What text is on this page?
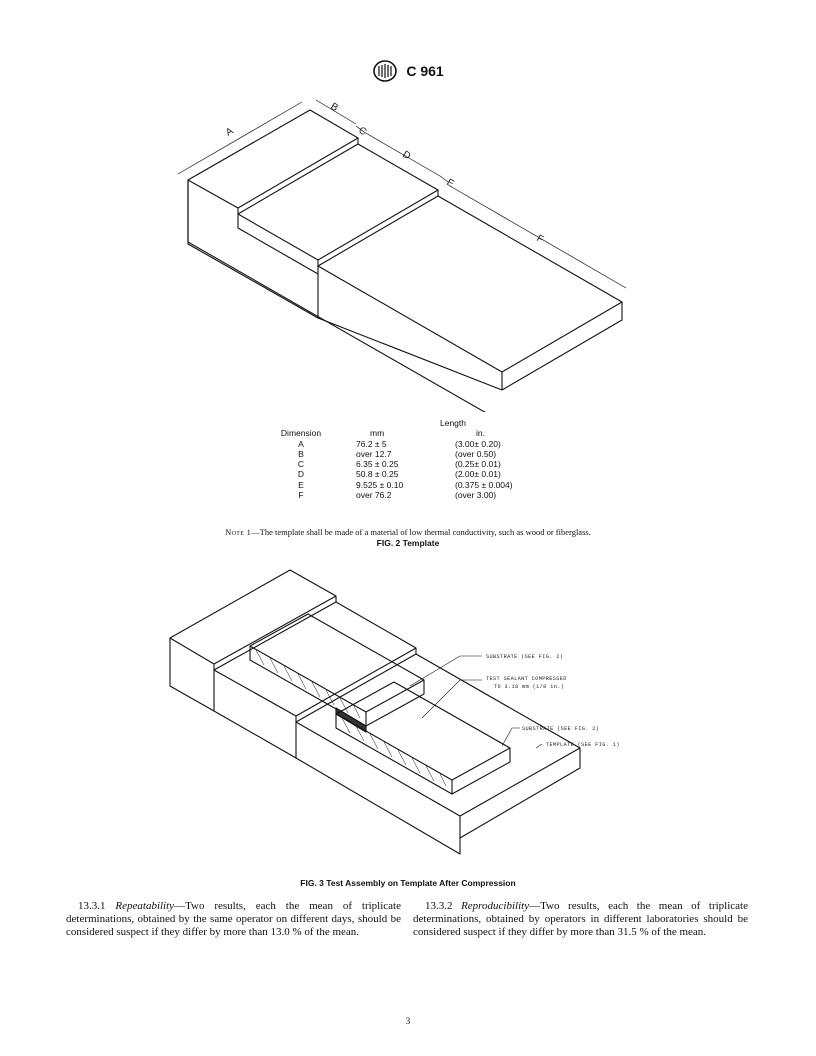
C 961
A
B
C
D
E
F
Length
Dimension	mm	in.
A	76.2 ± 5	(3.00± 0.20)
B	over 12.7	(over 0.50)
C	6.35 ± 0.25	(0.25± 0.01)
D	50.8 ± 0.25	(2.00± 0.01)
E	9.525 ± 0.10	(0.375 ± 0.004)
F	over 76.2	(over 3.00)
Note 1—The template shall be made of a material of low thermal conductivity, such as wood or fiberglass.
FIG. 2 Template
SUBSTRATE (SEE FIG. 2)
TEST SEALANT COMPRESSED
TO 3.18 mm (1/8 in.)
SUBSTRATE (SEE FIG. 2)
TEMPLATE (SEE FIG. 1)
FIG. 3 Test Assembly on Template After Compression
13.3.1 Repeatability—Two results, each the mean of triplicate determinations, obtained by the same operator on different days, should be considered suspect if they differ by more than 13.0 % of the mean.
13.3.2 Reproducibility—Two results, each the mean of triplicate determinations, obtained by operators in different laboratories should be considered suspect if they differ by more than 31.5 % of the mean.
3
